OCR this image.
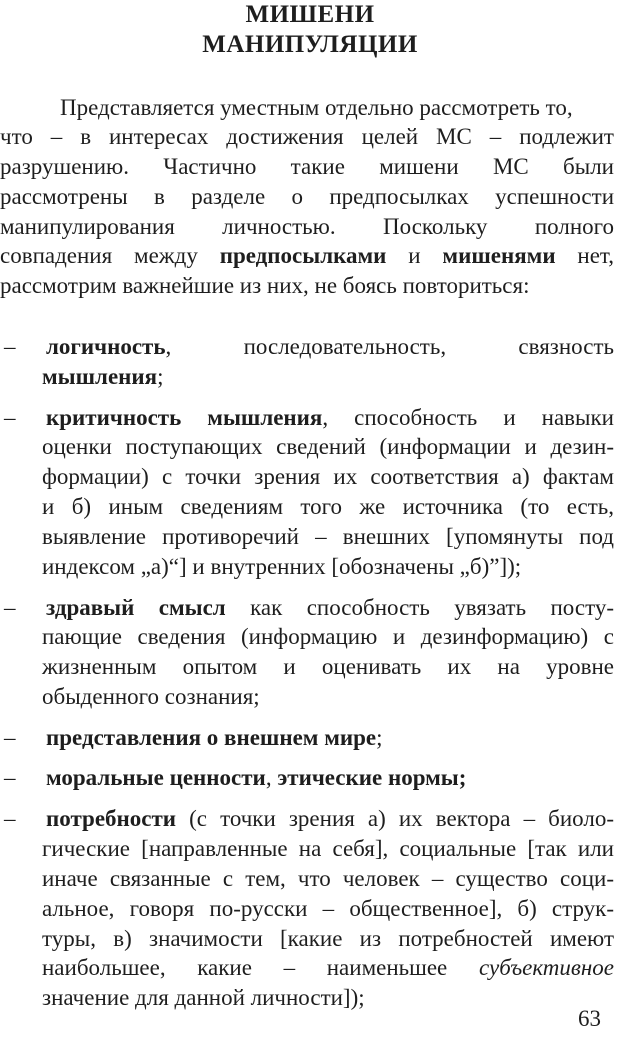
МИШЕНИ
МАНИПУЛЯЦИИ
Представляется уместным отдельно рассмотреть то,
что – в интересах достижения целей МС – подлежит
разрушению. Частично такие мишени МС были
рассмотрены в разделе о предпосылках успешности
манипулирования личностью. Поскольку полного
совпадения между предпосылками и мишенями нет,
рассмотрим важнейшие из них, не боясь повториться:
– логичность, последовательность, связность
мышления;
– критичность мышления, способность и навыки
оценки поступающих сведений (информации и дезин-
формации) с точки зрения их соответствия а) фактам
и б) иным сведениям того же источника (то есть,
выявление противоречий – внешних [упомянуты под
индексом „а)“] и внутренних [обозначены „б)”]);
– здравый смысл как способность увязать посту-
пающие сведения (информацию и дезинформацию) с
жизненным опытом и оценивать их на уровне
обыденного сознания;
– представления о внешнем мире;
– моральные ценности, этические нормы;
– потребности (с точки зрения а) их вектора – биоло-
гические [направленные на себя], социальные [так или
иначе связанные с тем, что человек – существо соци-
альное, говоря по-русски – общественное], б) струк-
туры, в) значимости [какие из потребностей имеют
наибольшее, какие – наименьшее субъективное
значение для данной личности]);
63
